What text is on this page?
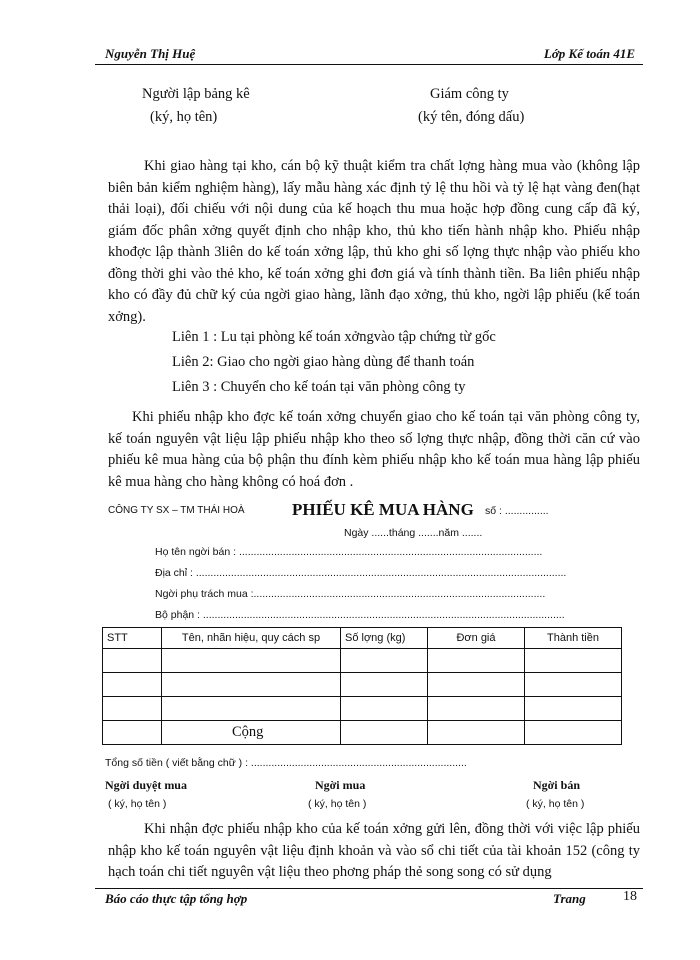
Nguyễn Thị Huệ	Lớp Kế toán 41E
Người lập bảng kê
(ký, họ tên)
Giám công ty
(ký tên, đóng dấu)
Khi giao hàng tại kho, cán bộ kỹ thuật kiểm tra chất lợng hàng mua vào (không lập biên bản kiểm nghiệm hàng), lấy mẫu hàng xác định tỷ lệ thu hồi và tỷ lệ hạt vàng đen(hạt thải loại), đối chiếu với nội dung của kế hoạch thu mua hoặc hợp đồng cung cấp đã ký, giám đốc phân xởng quyết định cho nhập kho, thủ kho tiến hành nhập kho. Phiếu nhập khođợc lập thành 3liên do kế toán xởng lập, thủ kho ghi số lợng thực nhập vào phiếu kho đồng thời ghi vào thẻ kho, kế toán xởng ghi đơn giá và tính thành tiền. Ba liên phiếu nhập kho có đầy đủ chữ ký của ngời giao hàng, lãnh đạo xởng, thủ kho, ngời lập phiếu (kế toán xởng).
Liên 1 : Lu tại phòng kế toán xởngvào tập chứng từ gốc
Liên 2: Giao cho ngời giao hàng dùng để thanh toán
Liên 3 : Chuyển cho kế toán tại văn phòng công ty
Khi phiếu nhập kho đợc kế toán xởng chuyển giao cho kế toán tại văn phòng công ty, kế toán nguyên vật liệu lập phiếu nhập kho theo số lợng thực nhập, đồng thời căn cứ vào phiếu kê mua hàng của bộ phận thu đính kèm phiếu nhập kho kế toán mua hàng lập phiếu kê mua hàng cho hàng không có hoá đơn .
CÔNG TY SX – TM THÁI HOÀ	PHIẾU KÊ MUA HÀNG số : ...............
Ngày ......tháng .......năm .......
Họ tên ngời bán : ........................................................................................................
Địa chỉ : ...............................................................................................................................
Ngời phụ trách mua :....................................................................................................
Bộ phận : ............................................................................................................................
STT	Tên, nhãn hiệu, quy cách sp	Số lợng (kg)	Đơn giá	Thành tiền

	Cộng			
Tổng số tiền ( viết bằng chữ ) : ..........................................................................
Ngời duyệt mua
( ký, họ tên )
Ngời mua
( ký, họ tên )
Ngời bán
( ký, họ tên )
Khi nhận đợc phiếu nhập kho của kế toán xởng gửi lên, đồng thời với việc lập phiếu nhập kho kế toán nguyên vật liệu định khoản và vào sổ chi tiết của tài khoản 152 (công ty hạch toán chi tiết nguyên vật liệu theo phơng pháp thẻ song song có sử dụng
Báo cáo thực tập tổng hợp	Trang	18
